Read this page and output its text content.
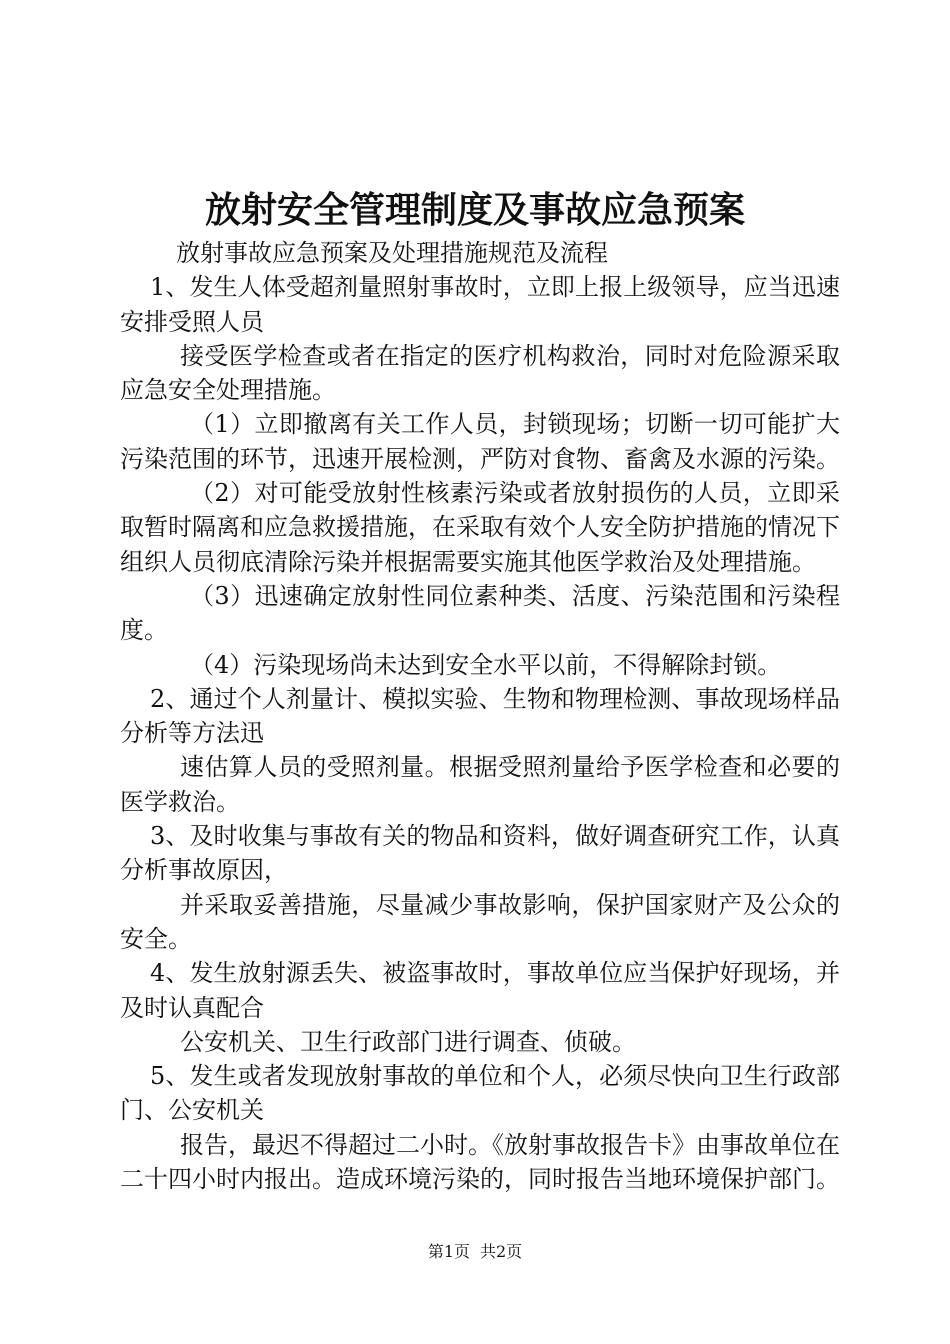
放射安全管理制度及事故应急预案

放射事故应急预案及处理措施规范及流程

1、发生人体受超剂量照射事故时，立即上报上级领导，应当迅速安排受照人员

接受医学检查或者在指定的医疗机构救治，同时对危险源采取应急安全处理措施。

（1）立即撤离有关工作人员，封锁现场；切断一切可能扩大污染范围的环节，迅速开展检测，严防对食物、畜禽及水源的污染。

（2）对可能受放射性核素污染或者放射损伤的人员，立即采取暂时隔离和应急救援措施，在采取有效个人安全防护措施的情况下组织人员彻底清除污染并根据需要实施其他医学救治及处理措施。

（3）迅速确定放射性同位素种类、活度、污染范围和污染程度。

（4）污染现场尚未达到安全水平以前，不得解除封锁。

2、通过个人剂量计、模拟实验、生物和物理检测、事故现场样品分析等方法迅

速估算人员的受照剂量。根据受照剂量给予医学检查和必要的医学救治。

3、及时收集与事故有关的物品和资料，做好调查研究工作，认真分析事故原因，

并采取妥善措施，尽量减少事故影响，保护国家财产及公众的安全。

4、发生放射源丢失、被盗事故时，事故单位应当保护好现场，并及时认真配合

公安机关、卫生行政部门进行调查、侦破。

5、发生或者发现放射事故的单位和个人，必须尽快向卫生行政部门、公安机关

报告，最迟不得超过二小时。《放射事故报告卡》由事故单位在二十四小时内报出。造成环境污染的，同时报告当地环境保护部门。

第1页 共2页
